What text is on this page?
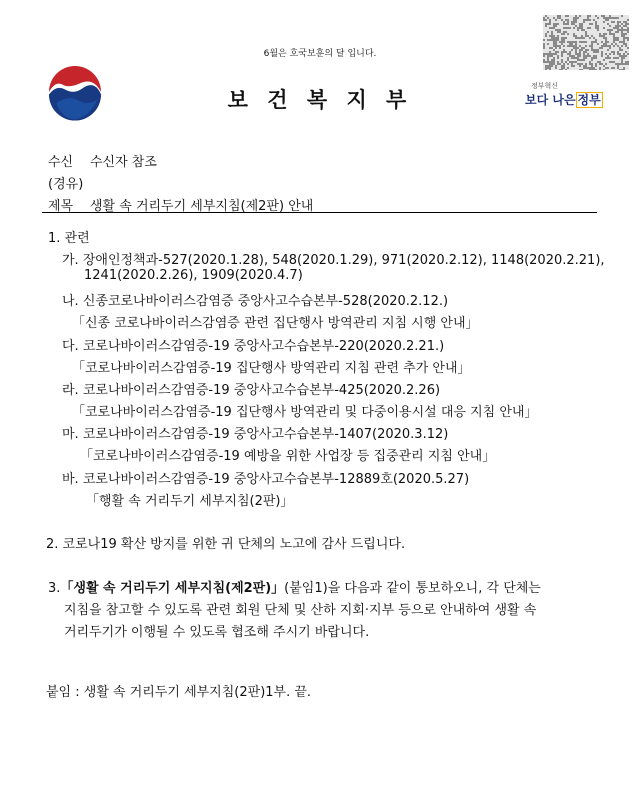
6월은 호국보훈의 달 입니다.
보 건 복 지 부
정부혁신
보다 나은 정부
수신 수신자 참조
(경유)
제목 생활 속 거리두기 세부지침(제2판) 안내
1. 관련
가. 장애인정책과-527(2020.1.28), 548(2020.1.29), 971(2020.2.12), 1148(2020.2.21),
1241(2020.2.26), 1909(2020.4.7)
나. 신종코로나바이러스감염증 중앙사고수습본부-528(2020.2.12.)
「신종 코로나바이러스감염증 관련 집단행사 방역관리 지침 시행 안내」
다. 코로나바이러스감염증-19 중앙사고수습본부-220(2020.2.21.)
「코로나바이러스감염증-19 집단행사 방역관리 지침 관련 추가 안내」
라. 코로나바이러스감염증-19 중앙사고수습본부-425(2020.2.26)
「코로나바이러스감염증-19 집단행사 방역관리 및 다중이용시설 대응 지침 안내」
마. 코로나바이러스감염증-19 중앙사고수습본부-1407(2020.3.12)
「코로나바이러스감염증-19 예방을 위한 사업장 등 집중관리 지침 안내」
바. 코로나바이러스감염증-19 중앙사고수습본부-12889호(2020.5.27)
「행활 속 거리두기 세부지침(2판)」
2. 코로나19 확산 방지를 위한 귀 단체의 노고에 감사 드립니다.
3.「생활 속 거리두기 세부지침(제2판)」(붙임1)을 다음과 같이 통보하오니, 각 단체는
지침을 참고할 수 있도록 관련 회원 단체 및 산하 지회·지부 등으로 안내하여 생활 속
거리두기가 이행될 수 있도록 협조해 주시기 바랍니다.
붙임 : 생활 속 거리두기 세부지침(2판)1부. 끝.
